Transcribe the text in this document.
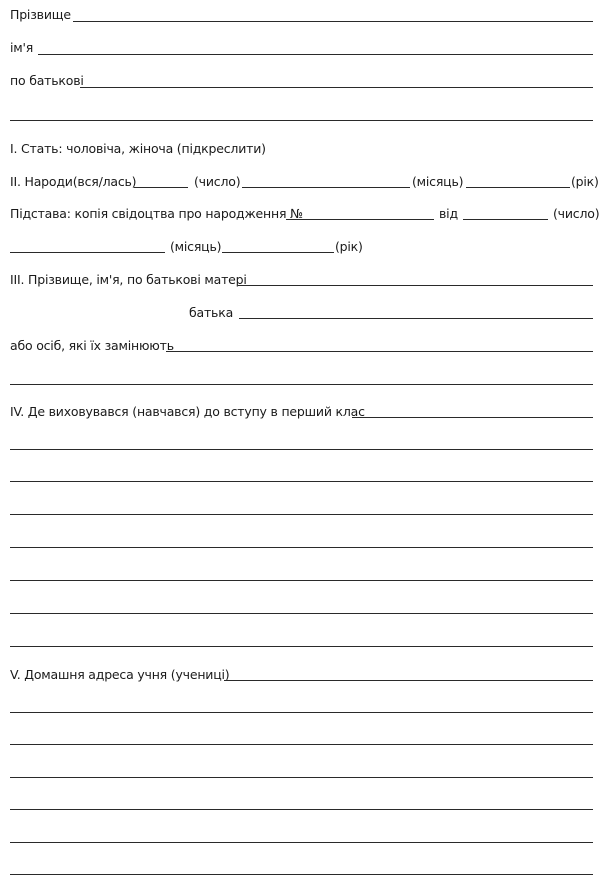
Прізвище
ім'я
по батькові
I. Стать: чоловіча, жіноча (підкреслити)
II. Народи(вся/лась)	(число)	(місяць)	(рік)
Підстава: копія свідоцтва про народження №	від	(число)
(місяць)	(рік)
III. Прізвище, ім'я, по батькові матері
батька
або осіб, які їх замінюють
IV. Де виховувався (навчався) до вступу в перший клас
V. Домашня адреса учня (учениці)
